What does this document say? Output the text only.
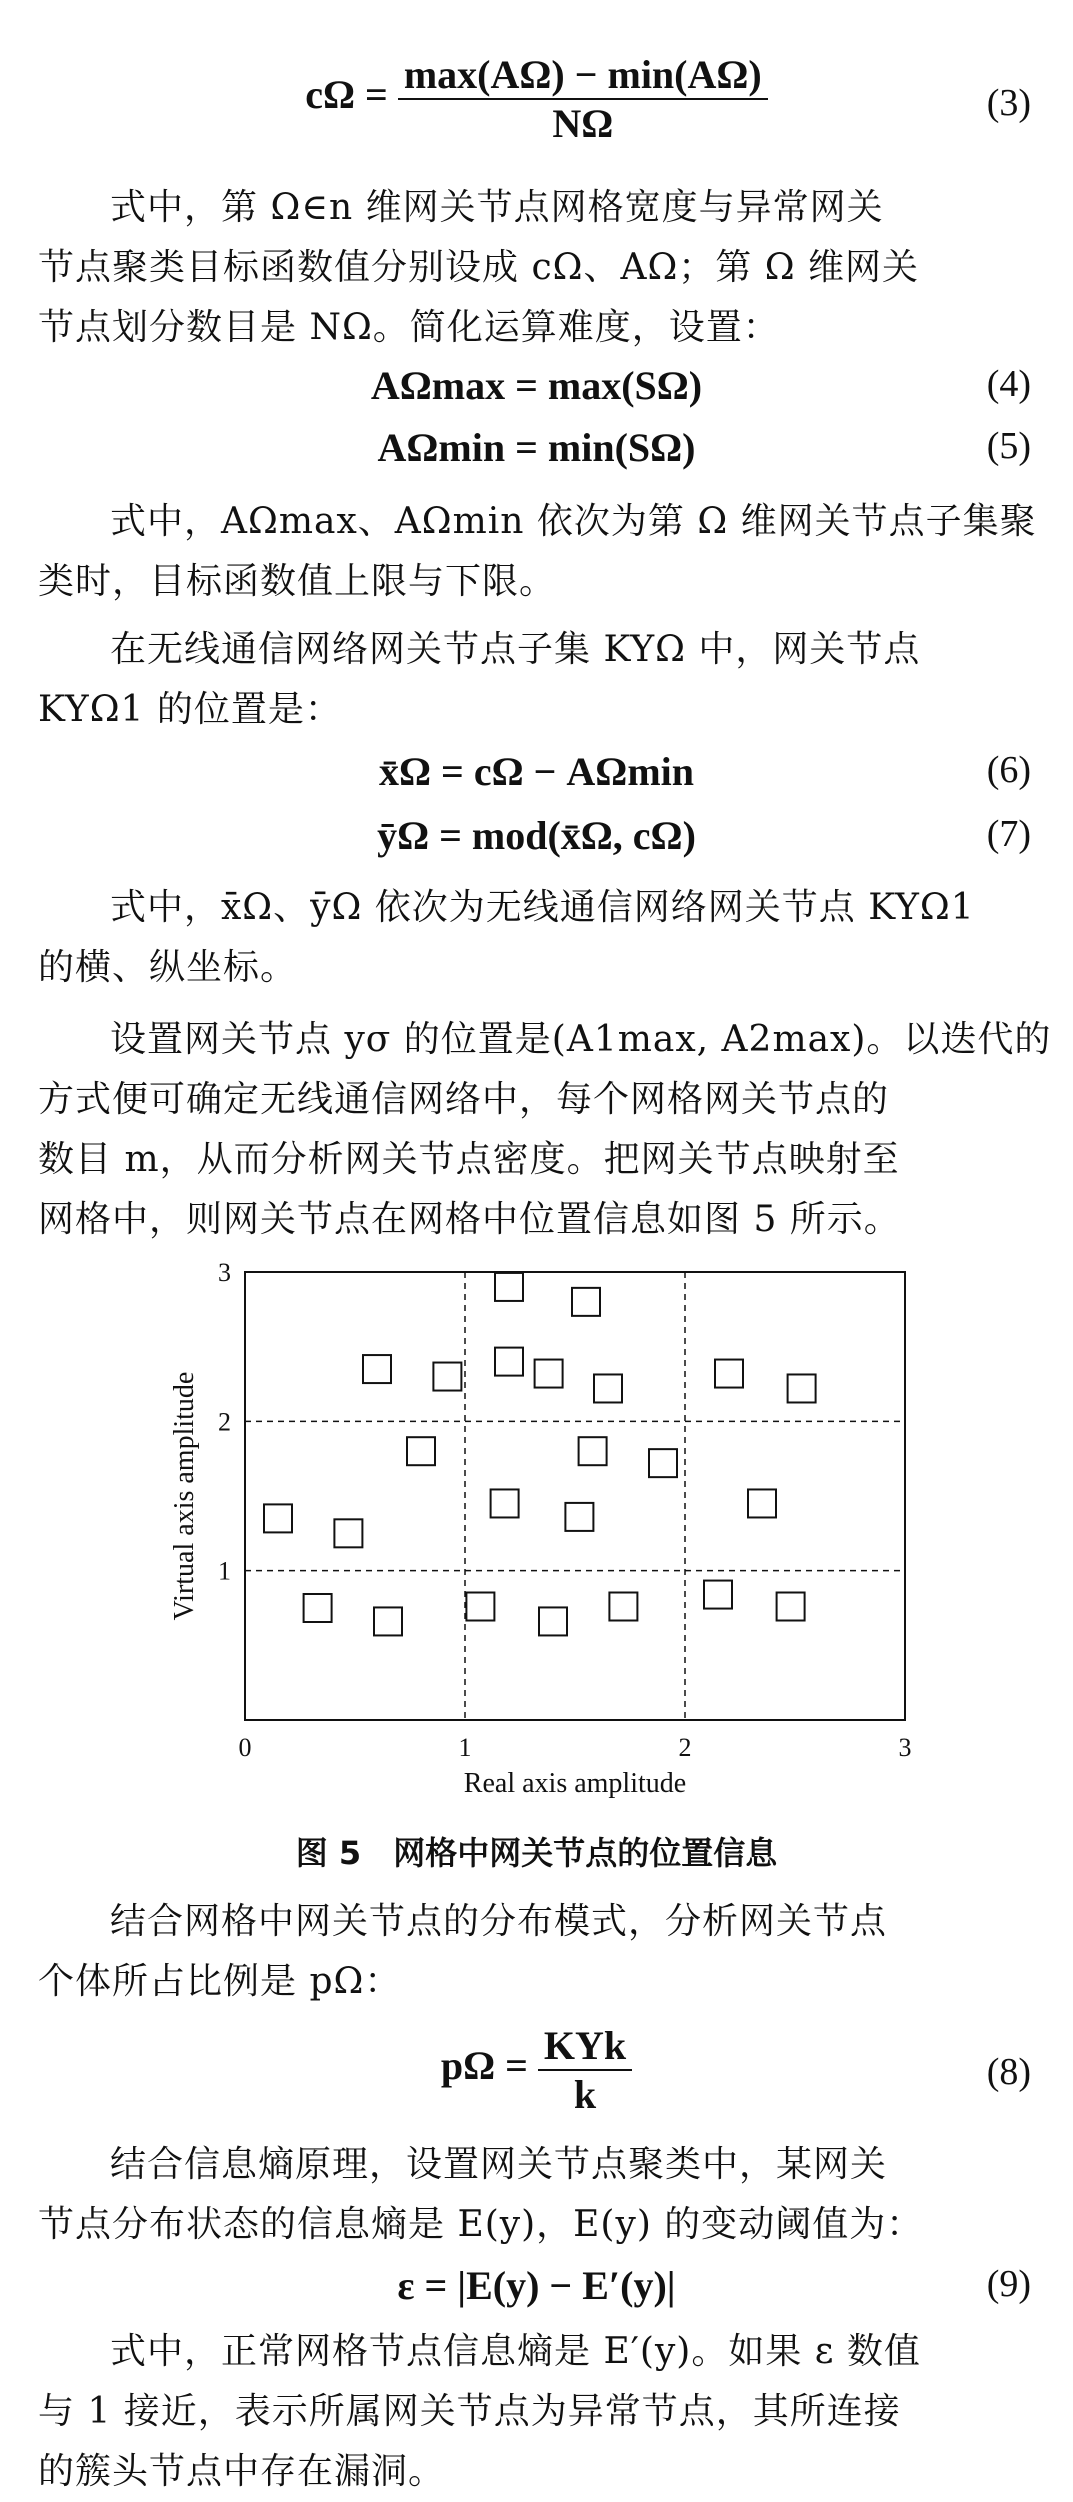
$c\Omega = \frac{\max(A\Omega) - \min(A\Omega)}{N\Omega}$	(3)
式中，第 Ω∈n 维网关节点网格宽度与异常网关
节点聚类目标函数值分别设成 cΩ、AΩ；第 Ω 维网关
节点划分数目是 NΩ。简化运算难度，设置：
AΩmax = max(SΩ)	(4)
AΩmin = min(SΩ)	(5)
式中，AΩmax、AΩmin 依次为第 Ω 维网关节点子集聚
类时，目标函数值上限与下限。
在无线通信网络网关节点子集 KYΩ 中，网关节点
KYΩ1 的位置是：
x̄Ω = cΩ − AΩmin	(6)
ȳΩ = mod(x̄Ω, cΩ)	(7)
式中，x̄Ω、ȳΩ 依次为无线通信网络网关节点 KYΩ1
的横、纵坐标。
设置网关节点 yσ 的位置是(A1max, A2max)。以迭代的
方式便可确定无线通信网络中，每个网格网关节点的
数目 m，从而分析网关节点密度。把网关节点映射至
网格中，则网关节点在网格中位置信息如图 5 所示。
0	1	2	3
1
2
3
Real axis amplitude
Virtual axis amplitude
图 5　网格中网关节点的位置信息
结合网格中网关节点的分布模式，分析网关节点
个体所占比例是 pΩ：
$p\Omega = \frac{\text{KYk}}{k}$	(8)
结合信息熵原理，设置网关节点聚类中，某网关
节点分布状态的信息熵是 E(y)，E(y) 的变动阈值为：
ε = |E(y) − E′(y)|	(9)
式中，正常网格节点信息熵是 E′(y)。如果 ε 数值
与 1 接近，表示所属网关节点为异常节点，其所连接
的簇头节点中存在漏洞。
